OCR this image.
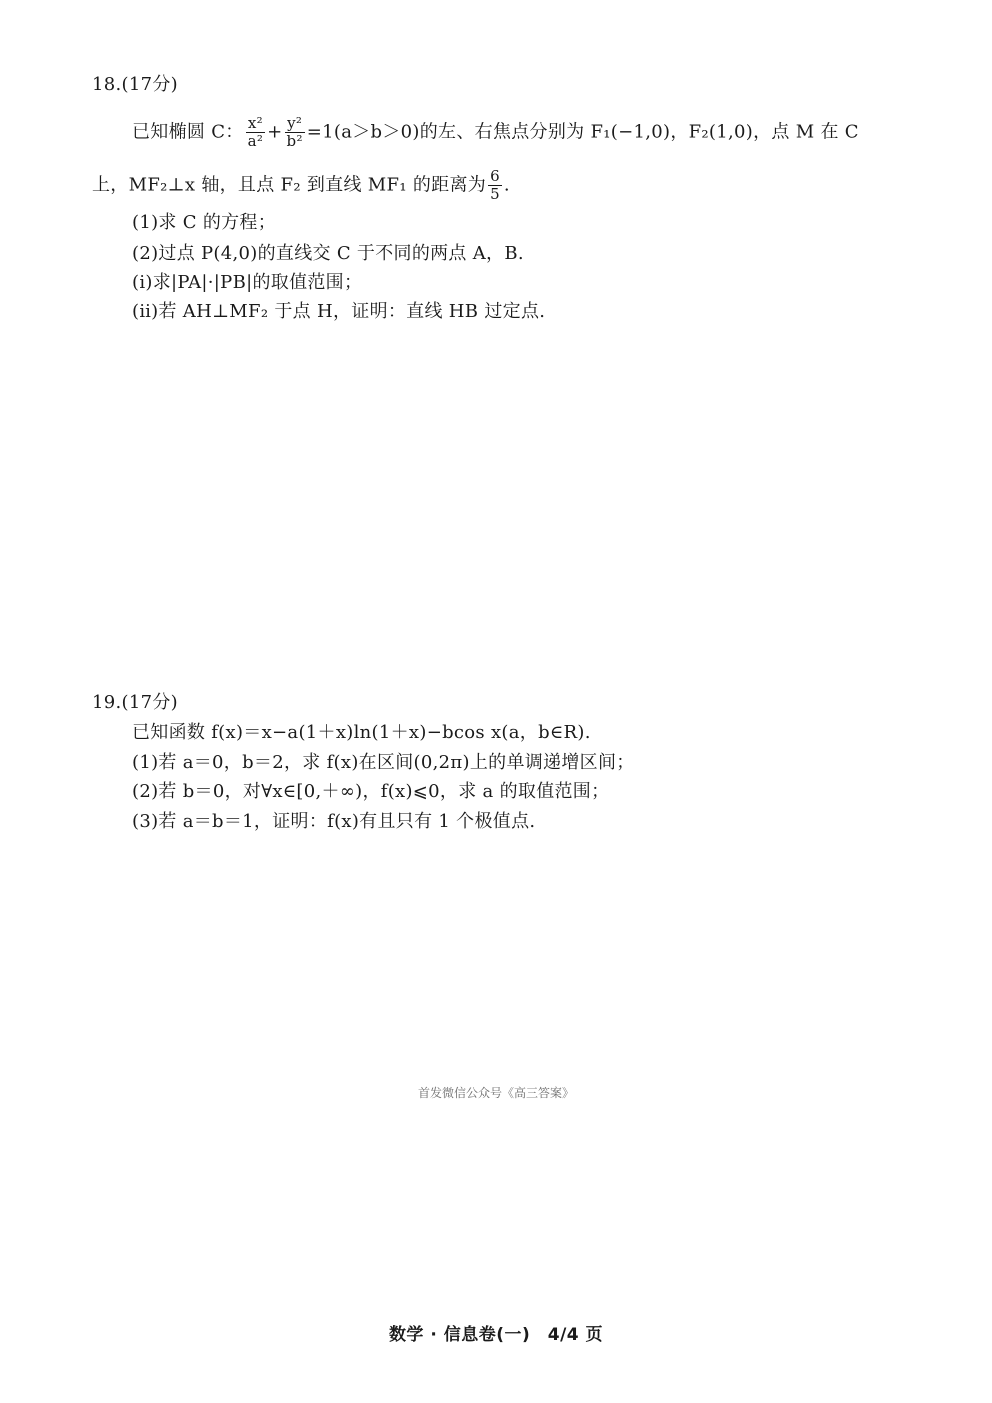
18.(17分)
已知椭圆 C： $\frac{\text{x²}}{\text{a²}} + \frac{\text{y²}}{\text{b²}} =1(a>b>0)$的左、右焦点分别为 F₁(−1,0)，F₂(1,0)，点 M 在 C
上，MF₂⊥x 轴，且点 F₂ 到直线 MF₁ 的距离为 $\frac{6}{5}$ .
(1)求 C 的方程；
(2)过点 P(4,0)的直线交 C 于不同的两点 A，B.
(ⅰ)求|PA|·|PB|的取值范围；
(ⅱ)若 AH⊥MF₂ 于点 H，证明：直线 HB 过定点.
19.(17分)
已知函数 f(x)＝x−a(1＋x)ln(1＋x)−bcos x(a，b∈R).
(1)若 a＝0，b＝2，求 f(x)在区间(0,2π)上的单调递增区间；
(2)若 b＝0，对∀x∈[0,＋∞)，f(x)⩽0，求 a 的取值范围；
(3)若 a＝b＝1，证明：f(x)有且只有 1 个极值点.
首发微信公众号《高三答案》
数学 · 信息卷(一)　4/4 页
